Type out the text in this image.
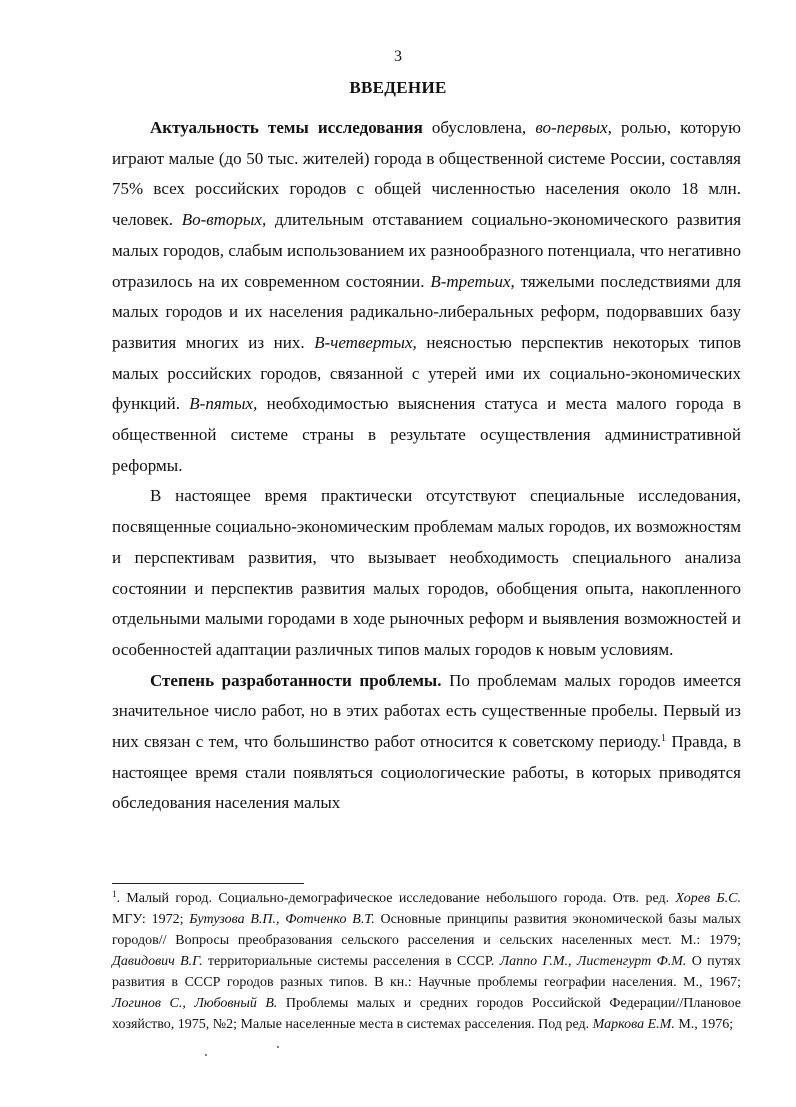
3
ВВЕДЕНИЕ

Актуальность темы исследования обусловлена, во-первых, ролью, которую играют малые (до 50 тыс. жителей) города в общественной системе России, составляя 75% всех российских городов с общей численностью населения около 18 млн. человек. Во-вторых, длительным отставанием социально-экономического развития малых городов, слабым использованием их разнообразного потенциала, что негативно отразилось на их современном состоянии. В-третьих, тяжелыми последствиями для малых городов и их населения радикально-либеральных реформ, подорвавших базу развития многих из них. В-четвертых, неясностью перспектив некоторых типов малых российских городов, связанной с утерей ими их социально-экономических функций. В-пятых, необходимостью выяснения статуса и места малого города в общественной системе страны в результате осуществления административной реформы.

В настоящее время практически отсутствуют специальные исследования, посвященные социально-экономическим проблемам малых городов, их возможностям и перспективам развития, что вызывает необходимость специального анализа состоянии и перспектив развития малых городов, обобщения опыта, накопленного отдельными малыми городами в ходе рыночных реформ и выявления возможностей и особенностей адаптации различных типов малых городов к новым условиям.

Степень разработанности проблемы. По проблемам малых городов имеется значительное число работ, но в этих работах есть существенные пробелы. Первый из них связан с тем, что большинство работ относится к советскому периоду.$^1$ Правда, в настоящее время стали появляться социологические работы, в которых приводятся обследования населения малых

$^1$. Малый город. Социально-демографическое исследование небольшого города. Отв. ред. Хорев Б.С. МГУ: 1972; Бутузова В.П., Фотченко В.Т. Основные принципы развития экономической базы малых городов// Вопросы преобразования сельского расселения и сельских населенных мест. М.: 1979; Давидович В.Г. территориальные системы расселения в СССР. Лаппо Г.М., Листенгурт Ф.М. О путях развития в СССР городов разных типов. В кн.: Научные проблемы географии населения. М., 1967; Логинов С., Любовный В. Проблемы малых и средних городов Российской Федерации//Плановое хозяйство, 1975, №2; Малые населенные места в системах расселения. Под ред. Маркова Е.М. М., 1976;
